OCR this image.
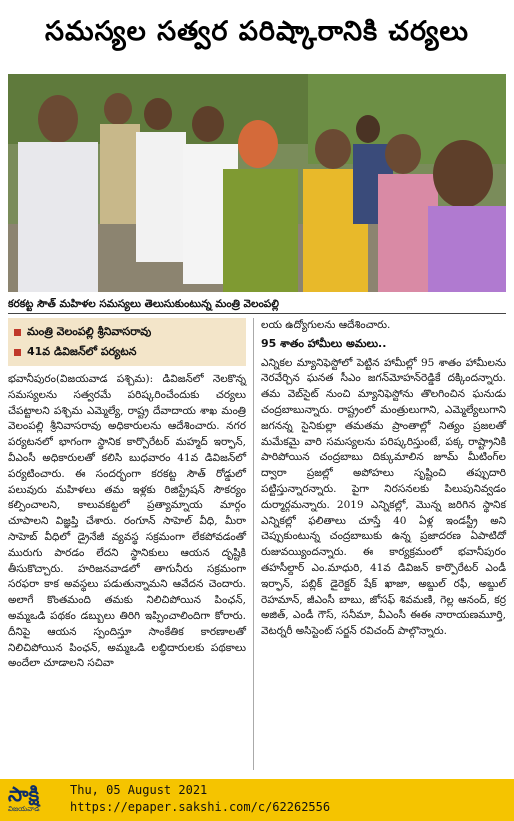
సమస్యల సత్వర పరిష్కారానికి చర్యలు
కరకట్ట సౌత్ మహిళల సమస్యలు తెలుసుకుంటున్న మంత్రి వెలంపల్లి
మంత్రి వెలంపల్లి శ్రీనివాసరావు
41వ డివిజన్‌లో పర్యటన

భవానీపురం(విజయవాడ పశ్చిమ): డివిజన్‌లో నెలకొన్న సమస్యలను సత్వరమే పరిష్కరించేందుకు చర్యలు చేపట్టాలని పశ్చిమ ఎమ్మెల్యే, రాష్ట్ర దేవాదాయ శాఖ మంత్రి వెలంపల్లి శ్రీనివాసరావు అధికారులను ఆదేశించారు. నగర పర్యటనలో భాగంగా స్థానిక కార్పొరేటర్ మహ్మద్ ఇర్ఫాన్, వీఎంసీ అధికారులతో కలిసి బుధవారం 41వ డివిజన్‌లో పర్యటించారు. ఈ సందర్భంగా కరకట్ట సౌత్ రోడ్డులో పలువురు మహిళలు తమ ఇళ్లకు రిజిస్ట్రేషన్ సౌకర్యం కల్పించాలని, కాలువకట్టలో ప్రత్యామ్నాయ మార్గం చూపాలని విజ్ఞప్తి చేశారు. రంగూన్ సాహెల్ వీధి, మీరా సాహెబ్ వీధిలో డ్రైనేజీ వ్యవస్థ సక్రమంగా లేకపోవడంతో మురుగు పారడం లేదని స్థానికులు ఆయన దృష్టికి తీసుకొచ్చారు. హరిజనవాడలో తాగునీరు సక్రమంగా సరఫరా కాక అవస్థలు పడుతున్నామని ఆవేదన చెందారు. అలాగే కొంతమంది తమకు నిలిచిపోయిన పింఛన్, అమ్మఒడి పథకం డబ్బులు తిరిగి ఇప్పించాలిందిగా కోరారు. దీనిపై ఆయన స్పందిస్తూ సాంకేతిక కారణాలతో నిలిచిపోయిన పింఛన్, అమ్మఒడి లబ్ధిదారులకు పథకాలు అందేలా చూడాలని సచివా

లయ ఉద్యోగులను ఆదేశించారు.

95 శాతం హామీలు అమలు..

ఎన్నికల మ్యానిఫెస్టోలో పెట్టిన హామీల్లో 95 శాతం హామీలను నెరవేర్చిన ఘనత సీఎం జగన్‌మోహన్‌రెడ్డికే దక్కిందన్నారు. తమ వెబ్‌సైట్ నుంచి మ్యానిఫెస్టోను తొలగించిన ఘనుడు చంద్రబాబున్నారు. రాష్ట్రంలో మంత్రులుగాని, ఎమ్మెల్యేలుగాని జగనన్న సైనికుల్లా తమతమ ప్రాంతాల్లో నిత్యం ప్రజలతో మమేకమై వారి సమస్యలను పరిష్కరిస్తుంటే, పక్క రాష్ట్రానికి పారిపోయిన చంద్రబాబు దిక్కుమాలిన జూమ్ మీటింగ్‌ల ద్వారా ప్రజల్లో అపోహలు సృష్టించి తప్పుదారి పట్టిస్తున్నారన్నారు. పైగా నిరసనలకు పిలుపునివ్వడం దుర్మార్గమన్నారు. 2019 ఎన్నికల్లో, మొన్న జరిగిన స్థానిక ఎన్నికల్లో ఫలితాలు చూస్తే 40 ఏళ్ల ఇండస్ట్రీ అని చెప్పుకుంటున్న చంద్రబాబుకు ఉన్న ప్రజాదరణ ఏపాటిదో రుజువయ్యిందన్నారు. ఈ కార్యక్రమంలో భవానీపురం తహసీల్దార్ ఎం.మాధురి, 41వ డివిజన్ కార్పొరేటర్ ఎండీ ఇర్ఫాన్, పబ్లిక్ డైరెక్టర్ షేక్ ఖాజా, అబ్దుల్ రఫీ, అబ్దుల్ రెహమాన్, జీఎంసీ బాబు, జోసఫ్ శివమణి, గెల్ల ఆనంద్, కర్ర అజిత్, ఎండీ గౌస్, సనీమా, వీఎంసీ ఈఈ నారాయణమూర్తి, వెటర్నరీ అసిస్టెంట్ సర్జన్ రవిచంద్ పాల్గొన్నారు.

సాక్షి
విజయవాడ
Thu, 05 August 2021
https://epaper.sakshi.com/c/62262556
